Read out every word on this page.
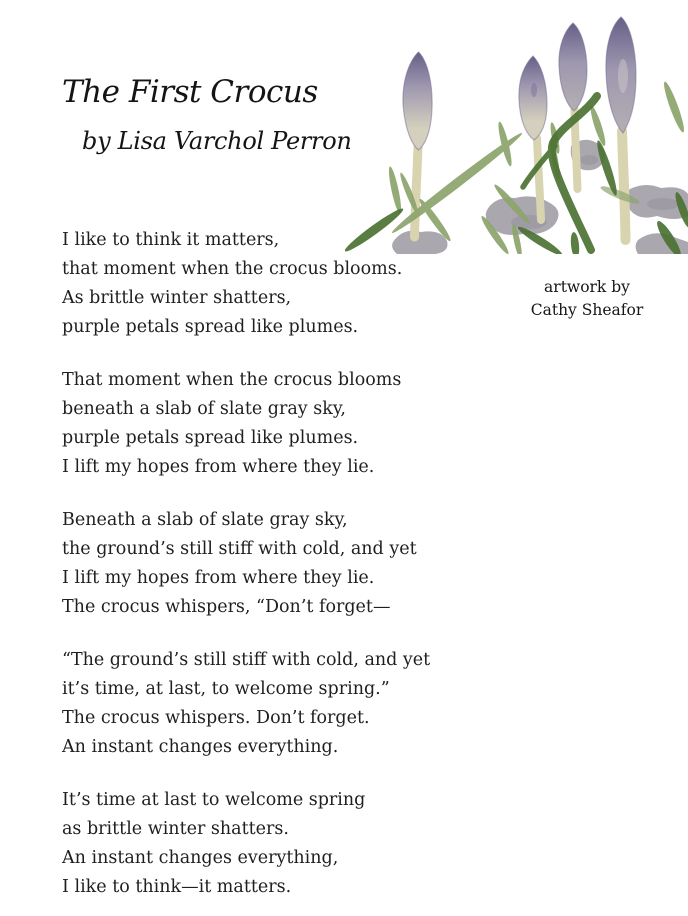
The First Crocus
by Lisa Varchol Perron
artwork by
Cathy Sheafor
I like to think it matters,
that moment when the crocus blooms.
As brittle winter shatters,
purple petals spread like plumes.
That moment when the crocus blooms
beneath a slab of slate gray sky,
purple petals spread like plumes.
I lift my hopes from where they lie.
Beneath a slab of slate gray sky,
the ground’s still stiff with cold, and yet
I lift my hopes from where they lie.
The crocus whispers, “Don’t forget—
“The ground’s still stiff with cold, and yet
it’s time, at last, to welcome spring.”
The crocus whispers. Don’t forget.
An instant changes everything.
It’s time at last to welcome spring
as brittle winter shatters.
An instant changes everything,
I like to think—it matters.
